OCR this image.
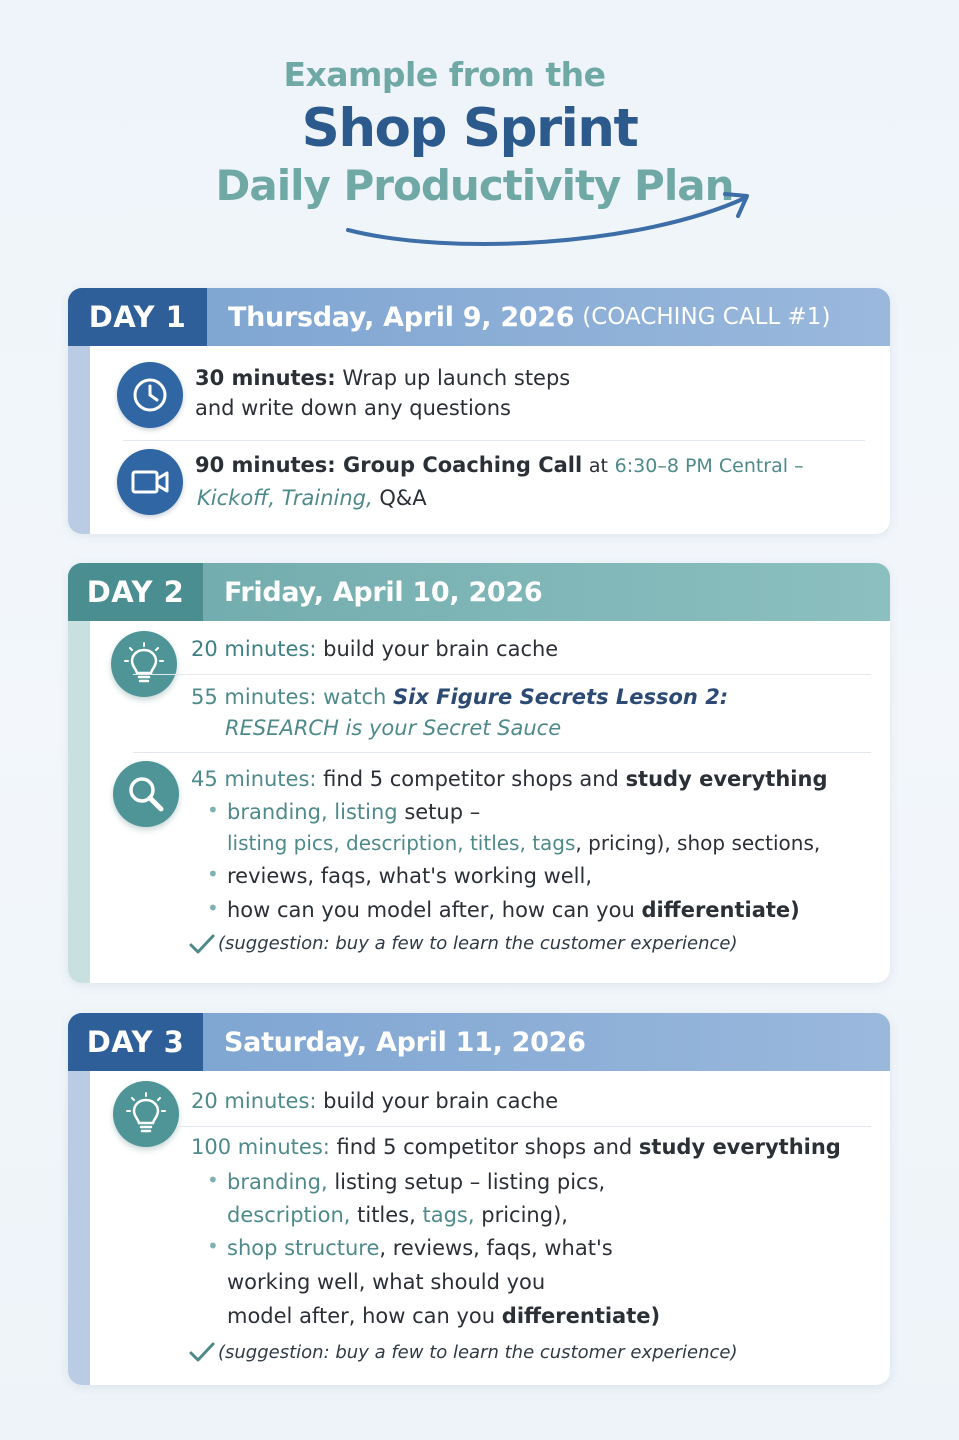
Example from the
Shop Sprint
Daily Productivity Plan
DAY 1	Thursday, April 9, 2026 (COACHING CALL #1)
30 minutes: Wrap up launch steps
and write down any questions
90 minutes: Group Coaching Call at 6:30–8 PM Central –
Kickoff, Training, Q&A
DAY 2	Friday, April 10, 2026
20 minutes: build your brain cache
55 minutes: watch Six Figure Secrets Lesson 2:
RESEARCH is your Secret Sauce
45 minutes: find 5 competitor shops and study everything
• branding, listing setup –
listing pics, description, titles, tags, pricing), shop sections,
• reviews, faqs, what's working well,
• how can you model after, how can you differentiate)
(suggestion: buy a few to learn the customer experience)
DAY 3	Saturday, April 11, 2026
20 minutes: build your brain cache
100 minutes: find 5 competitor shops and study everything
• branding, listing setup – listing pics,
description, titles, tags, pricing),
• shop structure, reviews, faqs, what's
working well, what should you
model after, how can you differentiate)
(suggestion: buy a few to learn the customer experience)
